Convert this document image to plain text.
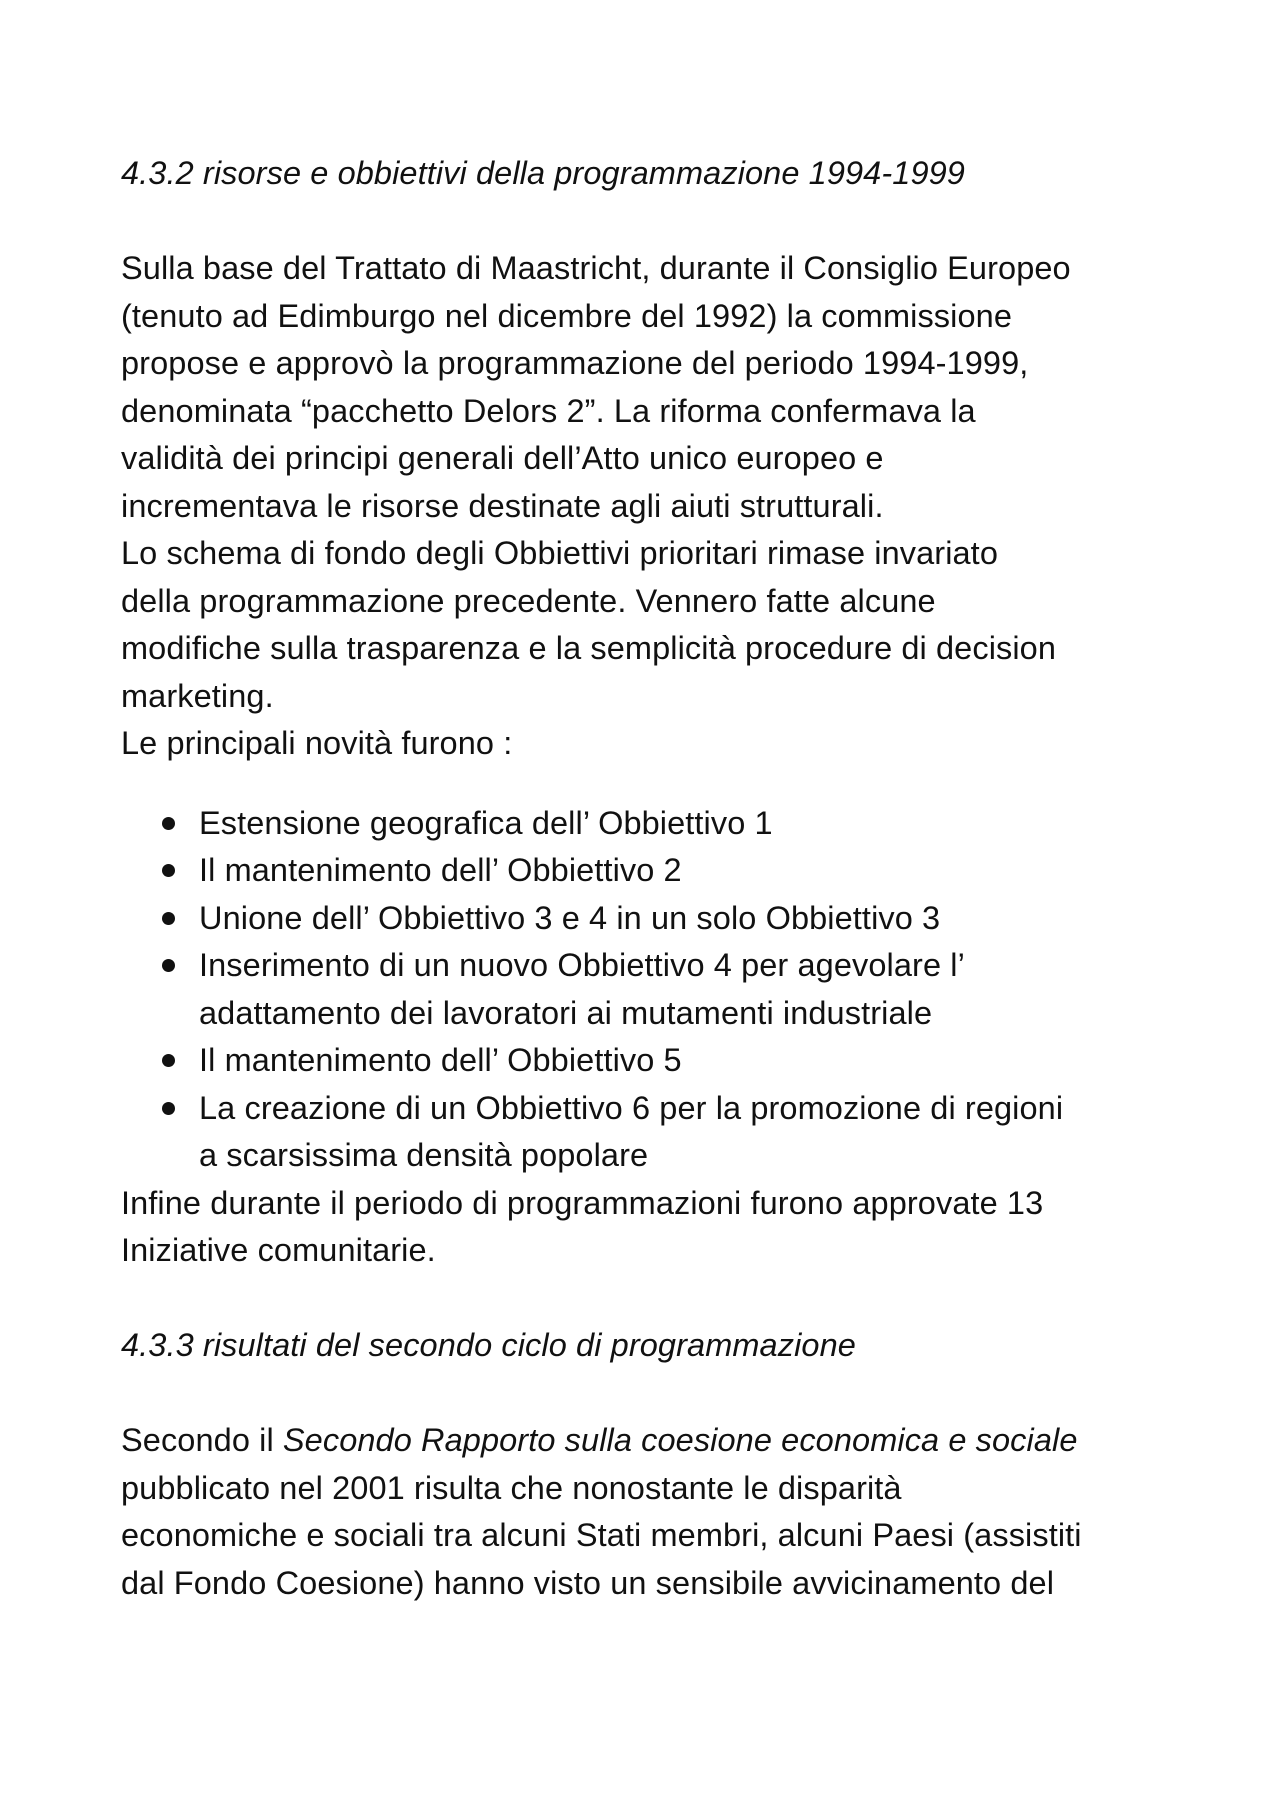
4.3.2 risorse e obbiettivi della programmazione 1994-1999

Sulla base del Trattato di Maastricht, durante il Consiglio Europeo
(tenuto ad Edimburgo nel dicembre del 1992) la commissione
propose e approvò la programmazione del periodo 1994-1999,
denominata “pacchetto Delors 2”. La riforma confermava la
validità dei principi generali dell’Atto unico europeo e
incrementava le risorse destinate agli aiuti strutturali.

Lo schema di fondo degli Obbiettivi prioritari rimase invariato
della programmazione precedente. Vennero fatte alcune
modifiche sulla trasparenza e la semplicità procedure di decision
marketing.

Le principali novità furono :

Estensione geografica dell’ Obbiettivo 1
Il mantenimento dell’ Obbiettivo 2
Unione dell’ Obbiettivo 3 e 4 in un solo Obbiettivo 3
Inserimento di un nuovo Obbiettivo 4 per agevolare l’
adattamento dei lavoratori ai mutamenti industriale
Il mantenimento dell’ Obbiettivo 5
La creazione di un Obbiettivo 6 per la promozione di regioni
a scarsissima densità popolare

Infine durante il periodo di programmazioni furono approvate 13
Iniziative comunitarie.

4.3.3 risultati del secondo ciclo di programmazione

Secondo il Secondo Rapporto sulla coesione economica e sociale
pubblicato nel 2001 risulta che nonostante le disparità
economiche e sociali tra alcuni Stati membri, alcuni Paesi (assistiti
dal Fondo Coesione) hanno visto un sensibile avvicinamento del
